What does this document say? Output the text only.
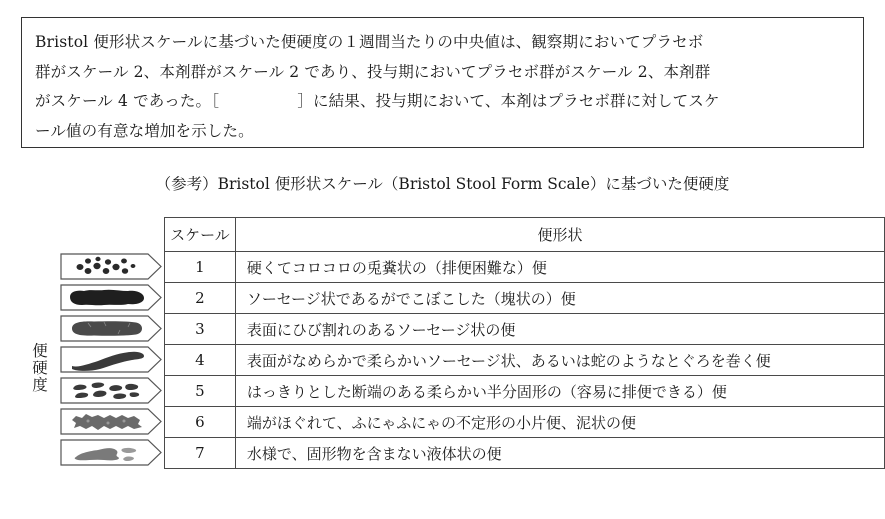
Bristol 便形状スケールに基づいた便硬度の１週間当たりの中央値は、観察期においてプラセボ

群がスケール 2、本剤群がスケール 2 であり、投与期においてプラセボ群がスケール 2、本剤群

がスケール 4 であった。［　　　　　］に結果、投与期において、本剤はプラセボ群に対してスケ

ール値の有意な増加を示した。

（参考）Bristol 便形状スケール（Bristol Stool Form Scale）に基づいた便硬度
便硬度
スケール	便形状
1	硬くてコロコロの兎糞状の（排便困難な）便
2	ソーセージ状であるがでこぼこした（塊状の）便
3	表面にひび割れのあるソーセージ状の便
4	表面がなめらかで柔らかいソーセージ状、あるいは蛇のようなとぐろを巻く便
5	はっきりとした断端のある柔らかい半分固形の（容易に排便できる）便
6	端がほぐれて、ふにゃふにゃの不定形の小片便、泥状の便
7	水様で、固形物を含まない液体状の便
